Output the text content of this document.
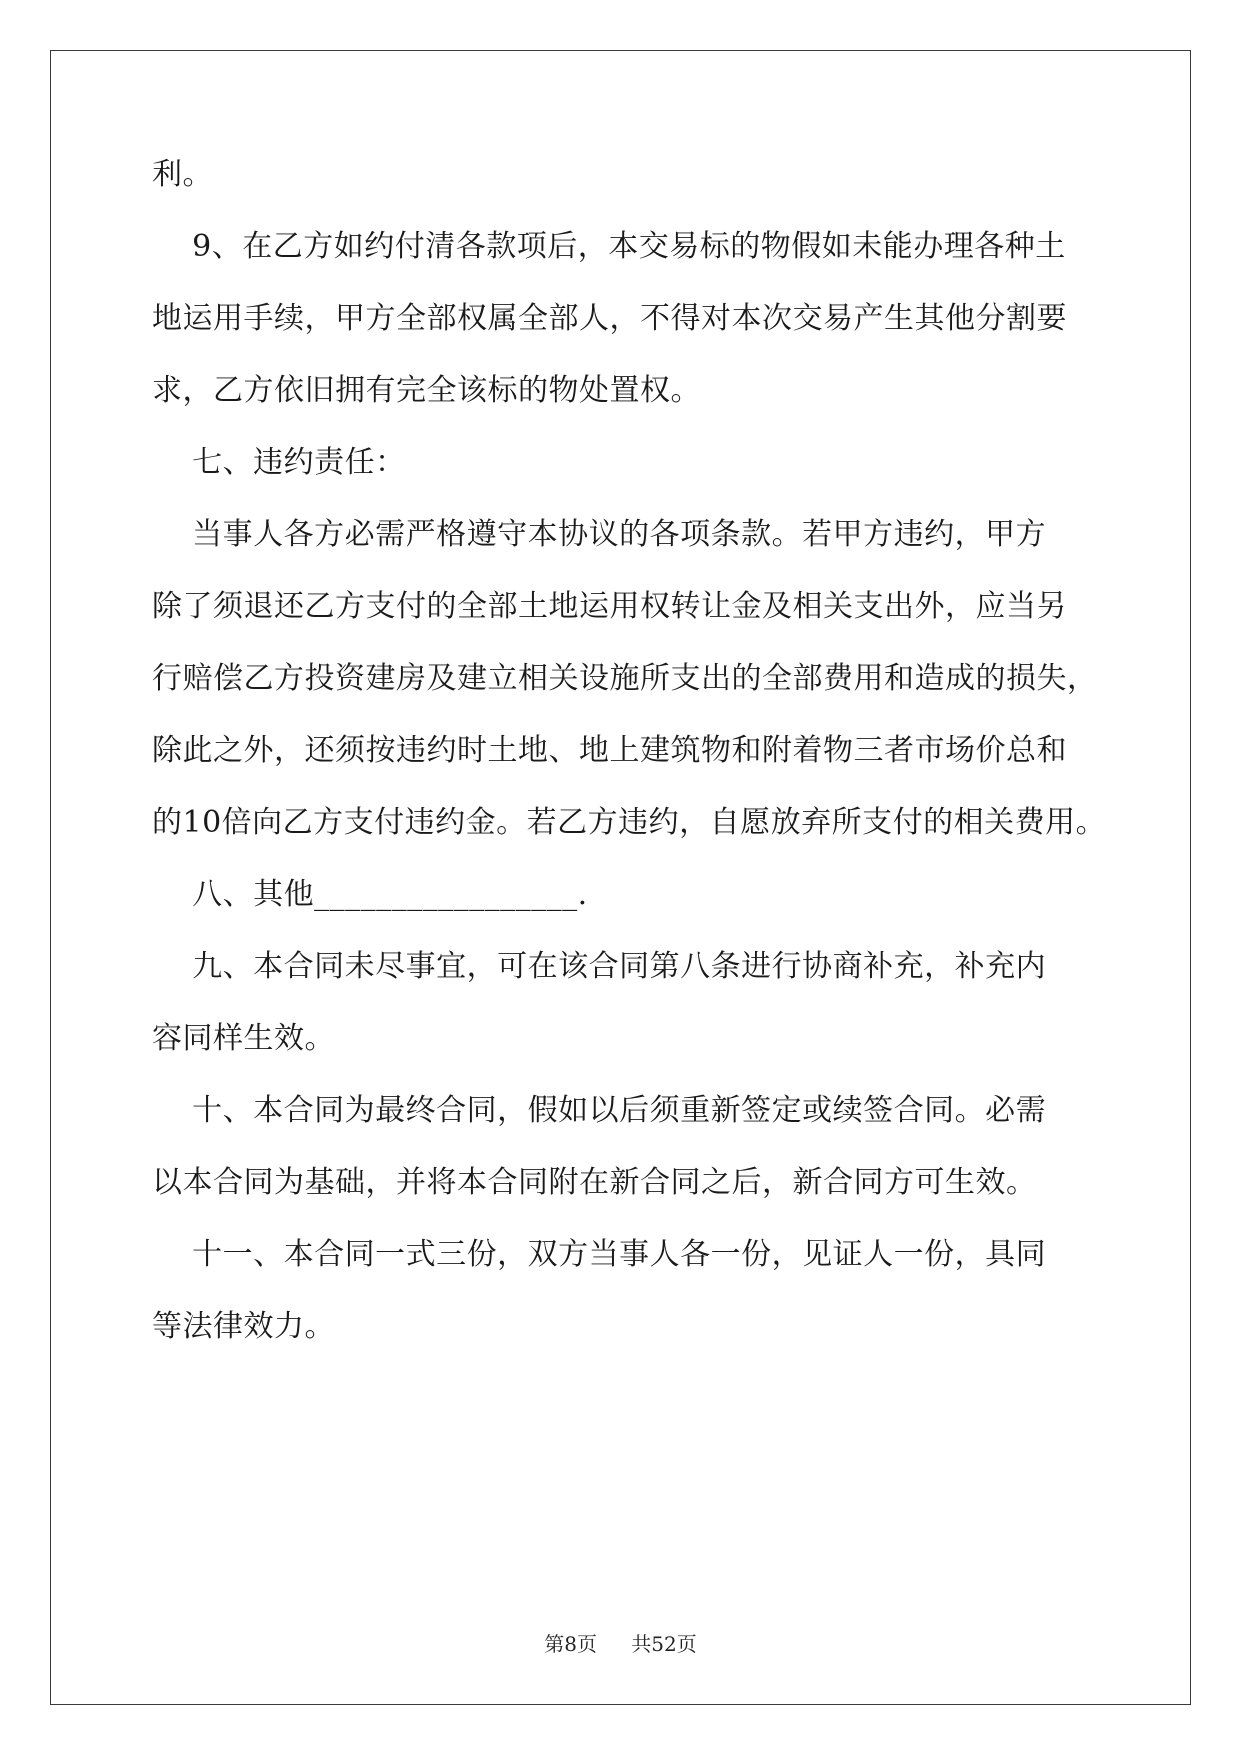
利。

9、在乙方如约付清各款项后，本交易标的物假如未能办理各种土

地运用手续，甲方全部权属全部人，不得对本次交易产生其他分割要

求，乙方依旧拥有完全该标的物处置权。

七、违约责任：

当事人各方必需严格遵守本协议的各项条款。若甲方违约，甲方

除了须退还乙方支付的全部土地运用权转让金及相关支出外，应当另

行赔偿乙方投资建房及建立相关设施所支出的全部费用和造成的损失，

除此之外，还须按违约时土地、地上建筑物和附着物三者市场价总和

的10倍向乙方支付违约金。若乙方违约，自愿放弃所支付的相关费用。

八、其他_________________.

九、本合同未尽事宜，可在该合同第八条进行协商补充，补充内

容同样生效。

十、本合同为最终合同，假如以后须重新签定或续签合同。必需

以本合同为基础，并将本合同附在新合同之后，新合同方可生效。

十一、本合同一式三份，双方当事人各一份，见证人一份，具同

等法律效力。

第8页 共52页
